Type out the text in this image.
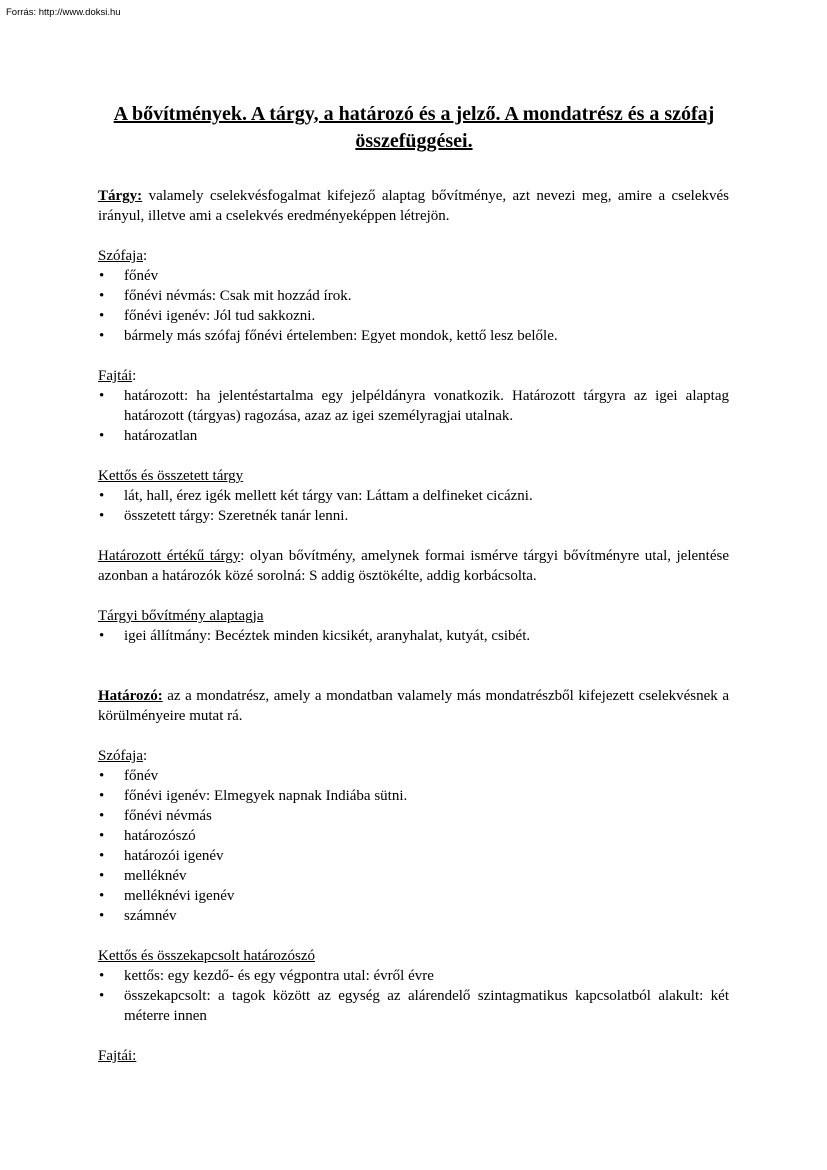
Forrás: http://www.doksi.hu
A bővítmények. A tárgy, a határozó és a jelző. A mondatrész és a szófaj összefüggései.

Tárgy: valamely cselekvésfogalmat kifejező alaptag bővítménye, azt nevezi meg, amire a cselekvés irányul, illetve ami a cselekvés eredményeképpen létrejön.

Szófaja:

• főnév
• főnévi névmás: Csak mit hozzád írok.
• főnévi igenév: Jól tud sakkozni.
• bármely más szófaj főnévi értelemben: Egyet mondok, kettő lesz belőle.

Fajtái:

• határozott: ha jelentéstartalma egy jelpéldányra vonatkozik. Határozott tárgyra az igei alaptag határozott (tárgyas) ragozása, azaz az igei személyragjai utalnak.
• határozatlan

Kettős és összetett tárgy

• lát, hall, érez igék mellett két tárgy van: Láttam a delfineket cicázni.
• összetett tárgy: Szeretnék tanár lenni.

Határozott értékű tárgy: olyan bővítmény, amelynek formai ismérve tárgyi bővítményre utal, jelentése azonban a határozók közé sorolná: S addig ösztökélte, addig korbácsolta.

Tárgyi bővítmény alaptagja

• igei állítmány: Becéztek minden kicsikét, aranyhalat, kutyát, csibét.

Határozó: az a mondatrész, amely a mondatban valamely más mondatrészből kifejezett cselekvésnek a körülményeire mutat rá.

Szófaja:

• főnév
• főnévi igenév: Elmegyek napnak Indiába sütni.
• főnévi névmás
• határozószó
• határozói igenév
• melléknév
• melléknévi igenév
• számnév

Kettős és összekapcsolt határozószó

• kettős: egy kezdő- és egy végpontra utal: évről évre
• összekapcsolt: a tagok között az egység az alárendelő szintagmatikus kapcsolatból alakult: két méterre innen

Fajtái:
